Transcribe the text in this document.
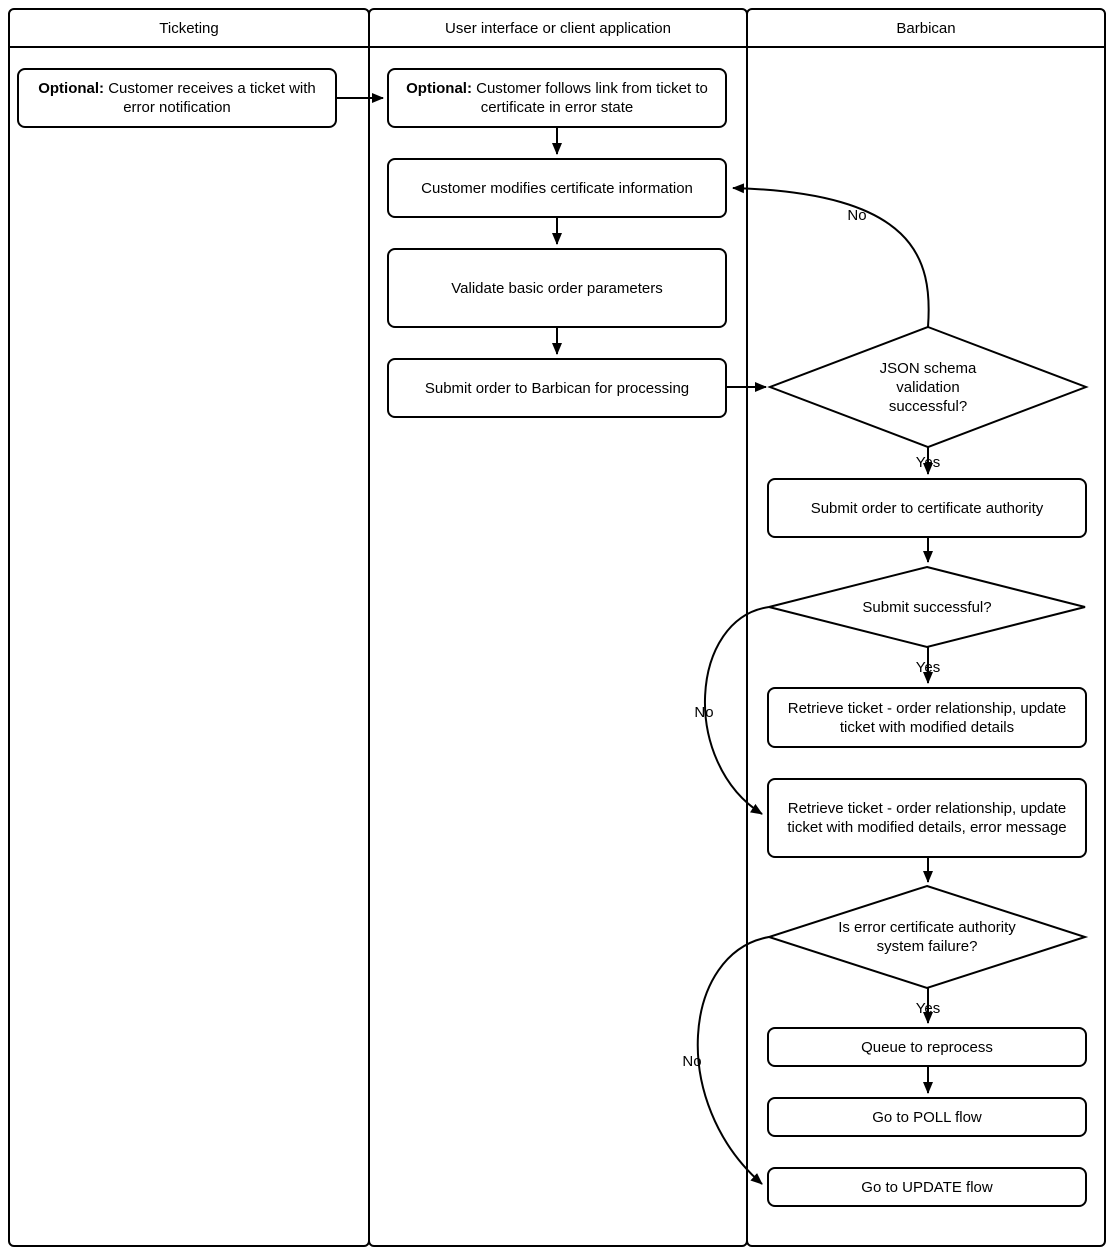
Ticketing	User interface or client application	Barbican
Optional: Customer receives a ticket with error notification
Optional: Customer follows link from ticket to certificate in error state
Customer modifies certificate information
Validate basic order parameters
Submit order to Barbican for processing
Submit order to certificate authority
Retrieve ticket - order relationship, update ticket with modified details
Retrieve ticket - order relationship, update ticket with modified details, error message
Queue to reprocess
Go to POLL flow
Go to UPDATE flow
JSON schema validation successful?
Submit successful?
Is error certificate authority system failure?
Yes
No
Yes
No
Yes
No
